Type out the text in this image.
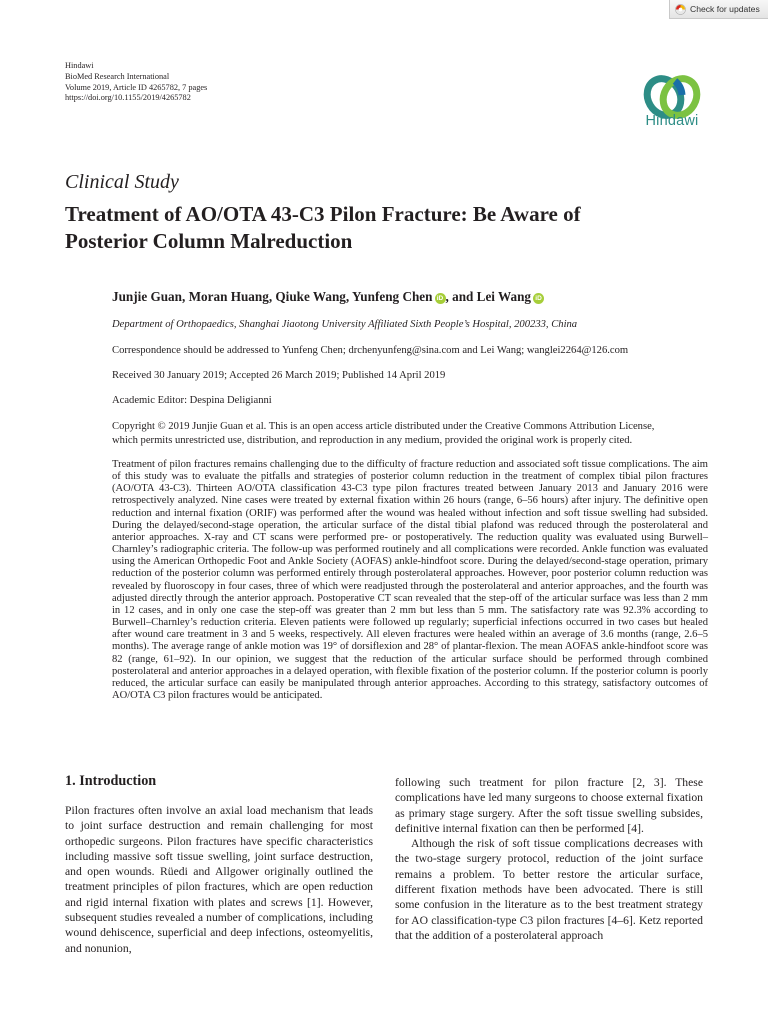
Check for updates
Hindawi
BioMed Research International
Volume 2019, Article ID 4265782, 7 pages
https://doi.org/10.1155/2019/4265782
Hindawi
Clinical Study
Treatment of AO/OTA 43-C3 Pilon Fracture: Be Aware of
Posterior Column Malreduction
Junjie Guan, Moran Huang, Qiuke Wang, Yunfeng Chen iD , and Lei Wang iD
Department of Orthopaedics, Shanghai Jiaotong University Affiliated Sixth People’s Hospital, 200233, China
Correspondence should be addressed to Yunfeng Chen; drchenyunfeng@sina.com and Lei Wang; wanglei2264@126.com
Received 30 January 2019; Accepted 26 March 2019; Published 14 April 2019
Academic Editor: Despina Deligianni
Copyright © 2019 Junjie Guan et al. This is an open access article distributed under the Creative Commons Attribution License,
which permits unrestricted use, distribution, and reproduction in any medium, provided the original work is properly cited.
Treatment of pilon fractures remains challenging due to the difficulty of fracture reduction and associated soft tissue complications. The aim of this study was to evaluate the pitfalls and strategies of posterior column reduction in the treatment of complex tibial pilon fractures (AO/OTA 43-C3). Thirteen AO/OTA classification 43-C3 type pilon fractures treated between January 2013 and January 2016 were retrospectively analyzed. Nine cases were treated by external fixation within 26 hours (range, 6–56 hours) after injury. The definitive open reduction and internal fixation (ORIF) was performed after the wound was healed without infection and soft tissue swelling had subsided. During the delayed/second-stage operation, the articular surface of the distal tibial plafond was reduced through the posterolateral and anterior approaches. X-ray and CT scans were performed pre- or postoperatively. The reduction quality was evaluated using Burwell–Charnley’s radiographic criteria. The follow-up was performed routinely and all complications were recorded. Ankle function was evaluated using the American Orthopedic Foot and Ankle Society (AOFAS) ankle-hindfoot score. During the delayed/second-stage operation, primary reduction of the posterior column was performed entirely through posterolateral approaches. However, poor posterior column reduction was revealed by fluoroscopy in four cases, three of which were readjusted through the posterolateral and anterior approaches, and the fourth was adjusted directly through the anterior approach. Postoperative CT scan revealed that the step-off of the articular surface was less than 2 mm in 12 cases, and in only one case the step-off was greater than 2 mm but less than 5 mm. The satisfactory rate was 92.3% according to Burwell–Charnley’s reduction criteria. Eleven patients were followed up regularly; superficial infections occurred in two cases but healed after wound care treatment in 3 and 5 weeks, respectively. All eleven fractures were healed within an average of 3.6 months (range, 2.6–5 months). The average range of ankle motion was 19° of dorsiflexion and 28° of plantar-flexion. The mean AOFAS ankle-hindfoot score was 82 (range, 61–92). In our opinion, we suggest that the reduction of the articular surface should be performed through combined posterolateral and anterior approaches in a delayed operation, with flexible fixation of the posterior column. If the posterior column is poorly reduced, the articular surface can easily be manipulated through anterior approaches. According to this strategy, satisfactory outcomes of AO/OTA C3 pilon fractures would be anticipated.
1. Introduction
Pilon fractures often involve an axial load mechanism that leads to joint surface destruction and remain challenging for most orthopedic surgeons. Pilon fractures have specific characteristics including massive soft tissue swelling, joint surface destruction, and open wounds. Rüedi and Allgower originally outlined the treatment principles of pilon fractures, which are open reduction and rigid internal fixation with plates and screws [1]. However, subsequent studies revealed a number of complications, including wound dehiscence, superficial and deep infections, osteomyelitis, and nonunion,
following such treatment for pilon fracture [2, 3]. These complications have led many surgeons to choose external fixation as primary stage surgery. After the soft tissue swelling subsides, definitive internal fixation can then be performed [4].
Although the risk of soft tissue complications decreases with the two-stage surgery protocol, reduction of the joint surface remains a problem. To better restore the articular surface, different fixation methods have been advocated. There is still some confusion in the literature as to the best treatment strategy for AO classification-type C3 pilon fractures [4–6]. Ketz reported that the addition of a posterolateral approach
